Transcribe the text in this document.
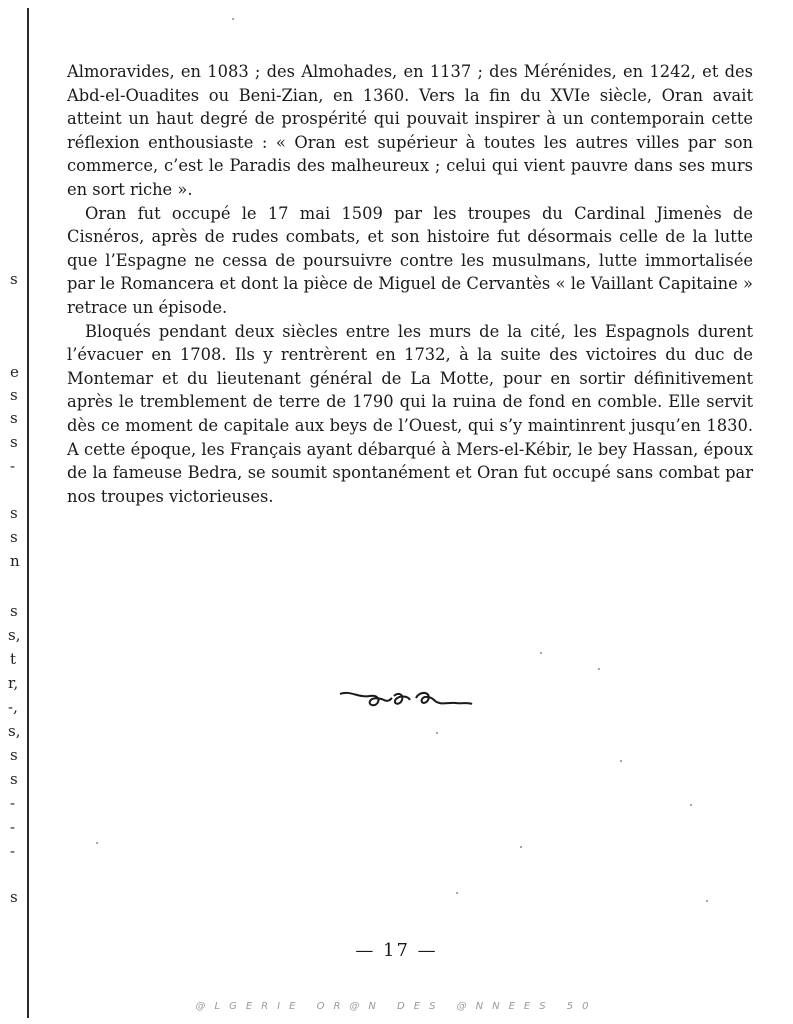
s
e
s
s
s
-
s
s
n
s
s,
t
r,
-,
s,
s
s
-
-
-
s

Almoravides, en 1083 ; des Almohades, en 1137 ; des Mérénides, en 1242, et des Abd-el-Ouadites ou Beni-Zian, en 1360. Vers la fin du XVIe siècle, Oran avait atteint un haut degré de prospérité qui pouvait inspirer à un contemporain cette réflexion enthousiaste : « Oran est supérieur à toutes les autres villes par son commerce, c’est le Paradis des malheureux ; celui qui vient pauvre dans ses murs en sort riche ».

Oran fut occupé le 17 mai 1509 par les troupes du Cardinal Jimenès de Cisnéros, après de rudes combats, et son histoire fut désormais celle de la lutte que l’Espagne ne cessa de poursuivre contre les musulmans, lutte immortalisée par le Romancera et dont la pièce de Miguel de Cervantès « le Vaillant Capitaine » retrace un épisode.

Bloqués pendant deux siècles entre les murs de la cité, les Espagnols durent l’évacuer en 1708. Ils y rentrèrent en 1732, à la suite des victoires du duc de Montemar et du lieutenant général de La Motte, pour en sortir définitivement après le tremblement de terre de 1790 qui la ruina de fond en comble. Elle servit dès ce moment de capitale aux beys de l’Ouest, qui s’y maintinrent jusqu’en 1830. A cette époque, les Français ayant débarqué à Mers-el-Kébir, le bey Hassan, époux de la fameuse Bedra, se soumit spontanément et Oran fut occupé sans combat par nos troupes victorieuses.

— 17 —
@LGERIE OR@N DES @NNEES 50
